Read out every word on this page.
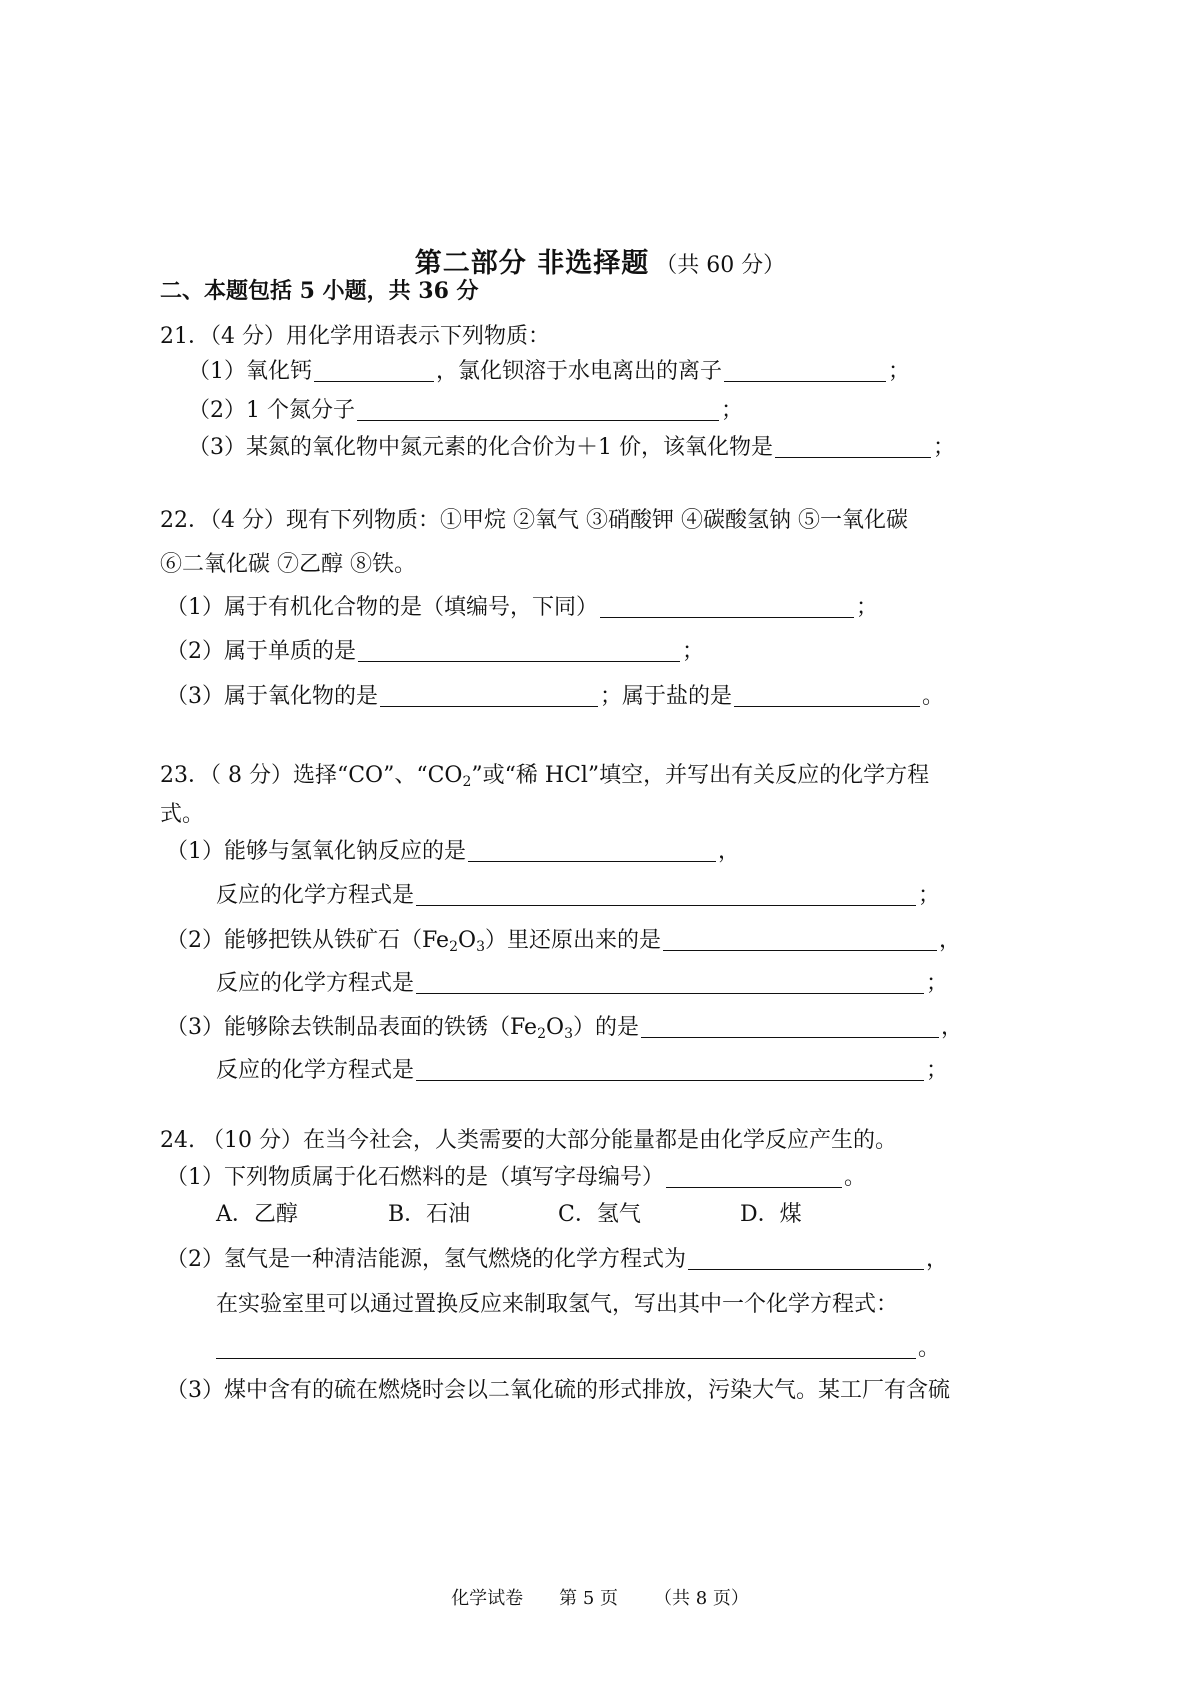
第二部分 非选择题 （共 60 分）
二、本题包括 5 小题，共 36 分
21．（4 分）用化学用语表示下列物质：
（1）氧化钙	，氯化钡溶于水电离出的离子	；
（2）1 个氮分子	；
（3）某氮的氧化物中氮元素的化合价为＋1 价，该氧化物是	；
22．（4 分）现有下列物质：①甲烷 ②氧气 ③硝酸钾 ④碳酸氢钠 ⑤一氧化碳
⑥二氧化碳 ⑦乙醇 ⑧铁。
（1）属于有机化合物的是（填编号，下同）	；
（2）属于单质的是	；
（3）属于氧化物的是	；属于盐的是	。
23．（ 8 分）选择“CO”、“$CO_2$”或“稀 HCl”填空，并写出有关反应的化学方程
式。
（1）能够与氢氧化钠反应的是	，
反应的化学方程式是	；
（2）能够把铁从铁矿石$(Fe_2O_3)$里还原出来的是	，
反应的化学方程式是	；
（3）能够除去铁制品表面的铁锈$(Fe_2O_3)$的是	，
反应的化学方程式是	；
24. （10 分）在当今社会，人类需要的大部分能量都是由化学反应产生的。
（1）下列物质属于化石燃料的是（填写字母编号）	。
A．乙醇	B．石油	C．氢气	D．煤
（2）氢气是一种清洁能源，氢气燃烧的化学方程式为	，
在实验室里可以通过置换反应来制取氢气，写出其中一个化学方程式：
。
（3）煤中含有的硫在燃烧时会以二氧化硫的形式排放，污染大气。某工厂有含硫
化学试卷 第 5 页 （共 8 页）
